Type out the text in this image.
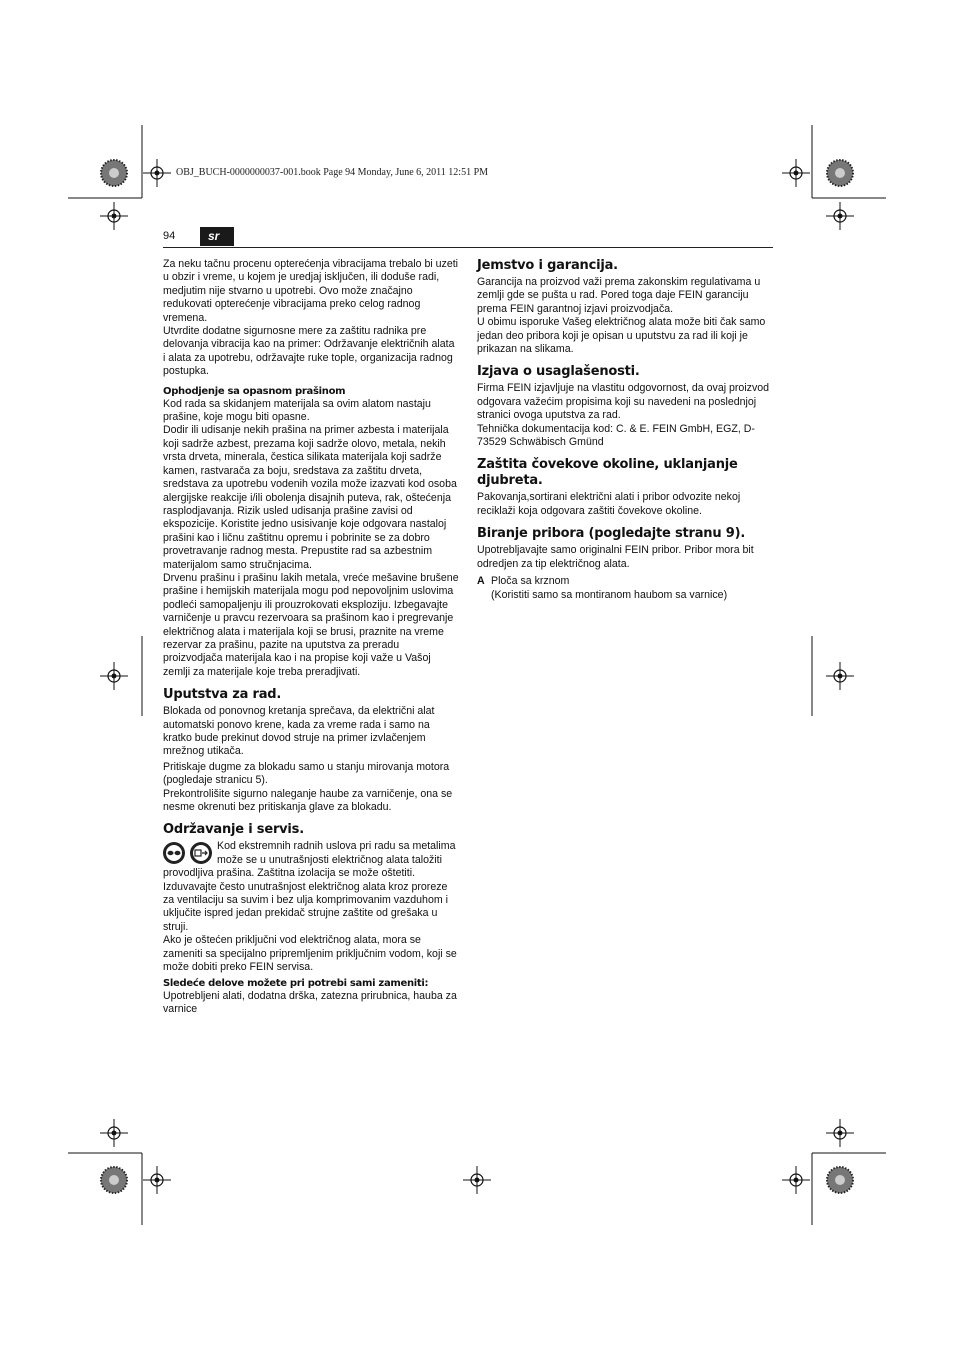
OBJ_BUCH-0000000037-001.book Page 94 Monday, June 6, 2011 12:51 PM
94	sr

Za neku tačnu procenu opterećenja vibracijama trebalo bi uzeti u obzir i vreme, u kojem je uredjaj isključen, ili doduše radi, medjutim nije stvarno u upotrebi. Ovo može značajno redukovati opterećenje vibracijama preko celog radnog vremena.

Utvrdite dodatne sigurnosne mere za zaštitu radnika pre delovanja vibracija kao na primer: Održavanje električnih alata i alata za upotrebu, održavajte ruke tople, organizacija radnog postupka.

Ophodjenje sa opasnom prašinom

Kod rada sa skidanjem materijala sa ovim alatom nastaju prašine, koje mogu biti opasne.

Dodir ili udisanje nekih prašina na primer azbesta i materijala koji sadrže azbest, prezama koji sadrže olovo, metala, nekih vrsta drveta, minerala, čestica silikata materijala koji sadrže kamen, rastvarača za boju, sredstava za zaštitu drveta, sredstava za upotrebu vodenih vozila može izazvati kod osoba alergijske reakcije i/ili obolenja disajnih puteva, rak, oštećenja rasplodjavanja. Rizik usled udisanja prašine zavisi od ekspozicije. Koristite jedno usisivanje koje odgovara nastaloj prašini kao i ličnu zaštitnu opremu i pobrinite se za dobro provetravanje radnog mesta. Prepustite rad sa azbestnim materijalom samo stručnjacima.

Drvenu prašinu i prašinu lakih metala, vreće mešavine brušene prašine i hemijskih materijala mogu pod nepovoljnim uslovima podleći samopaljenju ili prouzrokovati eksploziju. Izbegavajte varničenje u pravcu rezervoara sa prašinom kao i pregrevanje električnog alata i materijala koji se brusi, praznite na vreme rezervar za prašinu, pazite na uputstva za preradu proizvodjača materijala kao i na propise koji važe u Vašoj zemlji za materijale koje treba preradjivati.

Uputstva za rad.

Blokada od ponovnog kretanja sprečava, da električni alat automatski ponovo krene, kada za vreme rada i samo na kratko bude prekinut dovod struje na primer izvlačenjem mrežnog utikača.

Pritiskaje dugme za blokadu samo u stanju mirovanja motora (pogledaje stranicu 5).

Prekontrolišite sigurno naleganje haube za varničenje, ona se nesme okrenuti bez pritiskanja glave za blokadu.

Održavanje i servis.

Kod ekstremnih radnih uslova pri radu sa metalima može se u unutrašnjosti električnog alata taložiti provodljiva prašina. Zaštitna izolacija se može oštetiti. Izduvavajte često unutrašnjost električnog alata kroz proreze za ventilaciju sa suvim i bez ulja komprimovanim vazduhom i uključite ispred jedan prekidač strujne zaštite od grešaka u struji.

Ako je oštećen priključni vod električnog alata, mora se zameniti sa specijalno pripremljenim priključnim vodom, koji se može dobiti preko FEIN servisa.

Sledeće delove možete pri potrebi sami zameniti:

Upotrebljeni alati, dodatna drška, zatezna prirubnica, hauba za varnice

Jemstvo i garancija.

Garancija na proizvod važi prema zakonskim regulativama u zemlji gde se pušta u rad. Pored toga daje FEIN garanciju prema FEIN garantnoj izjavi proizvodjača.

U obimu isporuke Vašeg električnog alata može biti čak samo jedan deo pribora koji je opisan u uputstvu za rad ili koji je prikazan na slikama.

Izjava o usaglašenosti.

Firma FEIN izjavljuje na vlastitu odgovornost, da ovaj proizvod odgovara važećim propisima koji su navedeni na poslednjoj stranici ovoga uputstva za rad.

Tehnička dokumentacija kod: C. & E. FEIN GmbH, EGZ, D-73529 Schwäbisch Gmünd

Zaštita čovekove okoline, uklanjanje djubreta.

Pakovanja,sortirani električni alati i pribor odvozite nekoj reciklaži koja odgovara zaštiti čovekove okoline.

Biranje pribora (pogledajte stranu 9).

Upotrebljavajte samo originalni FEIN pribor. Pribor mora bit odredjen za tip električnog alata.

A Ploča sa krznom
(Koristiti samo sa montiranom haubom sa varnice)
